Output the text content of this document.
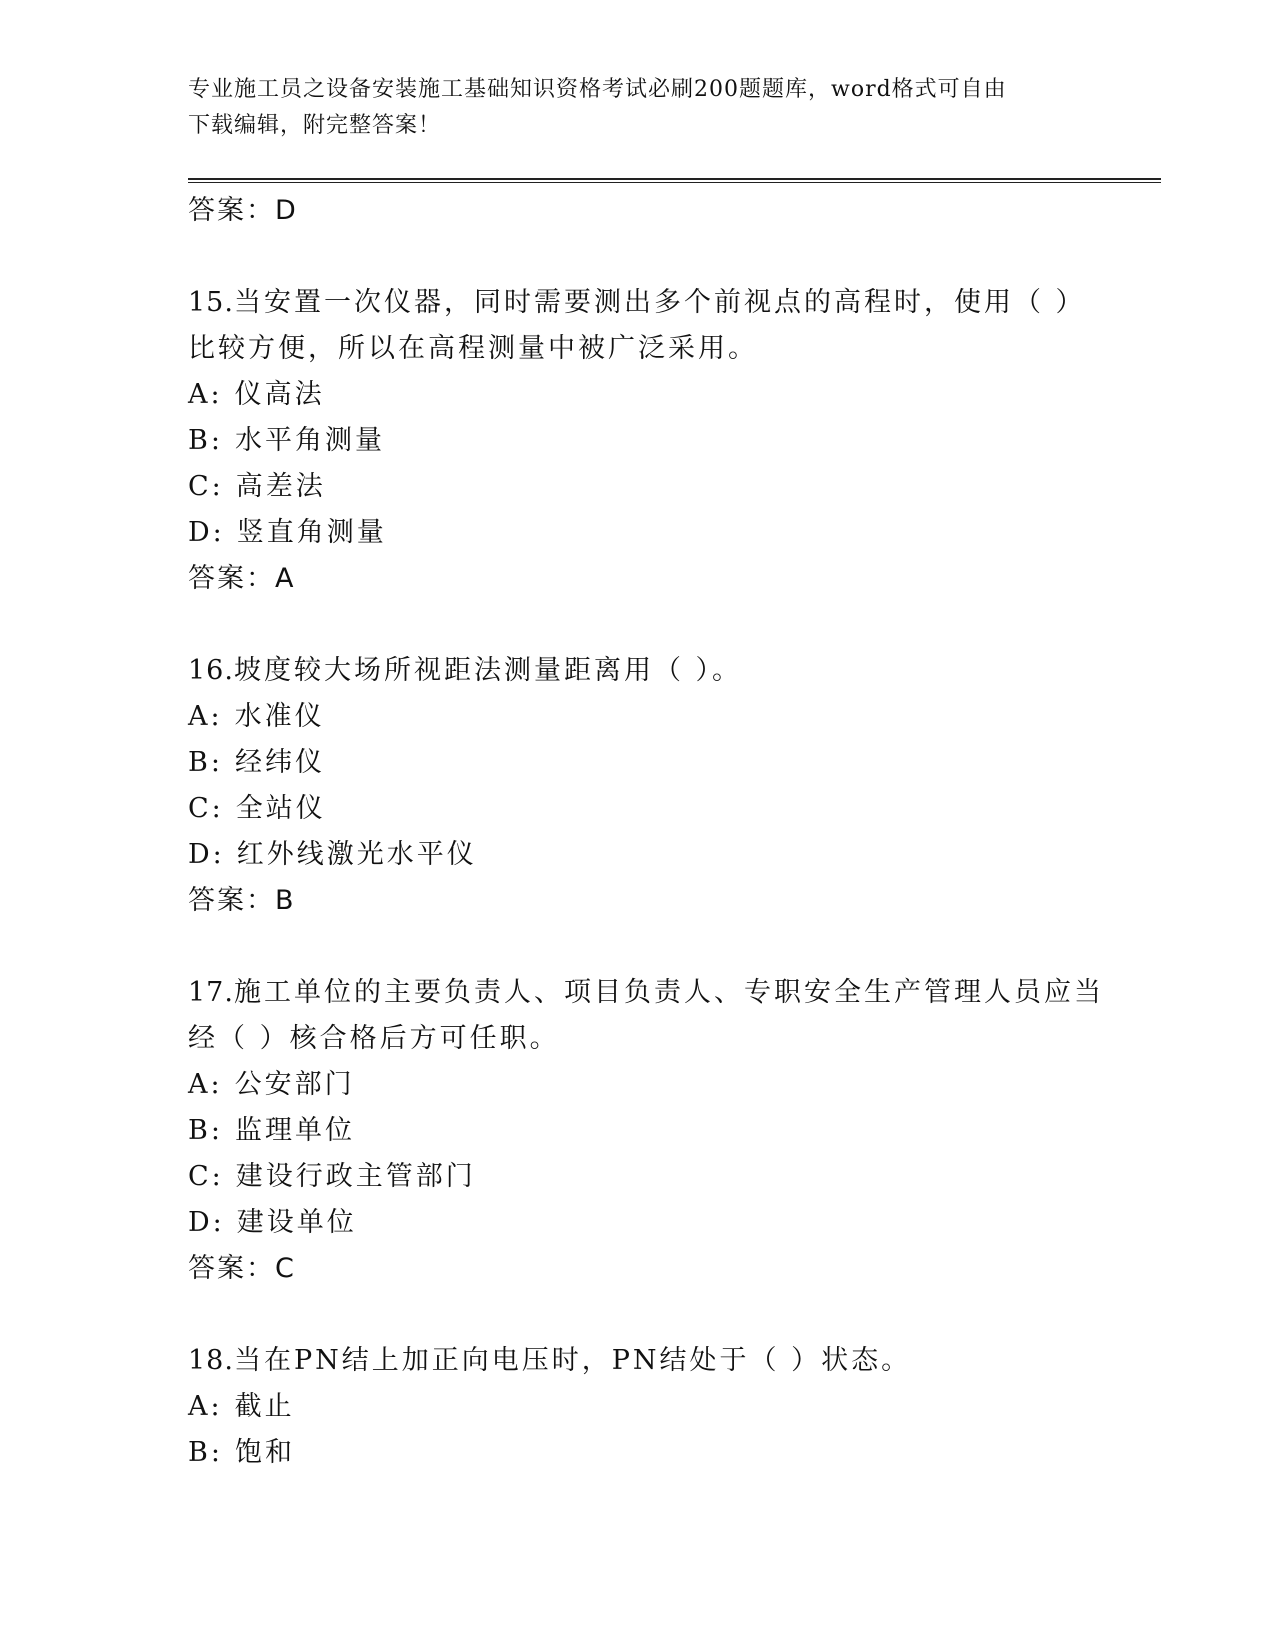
专业施工员之设备安装施工基础知识资格考试必刷200题题库，word格式可自由
下载编辑，附完整答案！
答案：D
15.当安置一次仪器，同时需要测出多个前视点的高程时，使用（ ）
比较方便，所以在高程测量中被广泛采用。
A: 仪高法
B: 水平角测量
C: 高差法
D: 竖直角测量
答案：A
16.坡度较大场所视距法测量距离用（ ）。
A: 水准仪
B: 经纬仪
C: 全站仪
D: 红外线激光水平仪
答案：B
17.施工单位的主要负责人、项目负责人、专职安全生产管理人员应当
经（ ）核合格后方可任职。
A: 公安部门
B: 监理单位
C: 建设行政主管部门
D: 建设单位
答案：C
18.当在PN结上加正向电压时，PN结处于（ ）状态。
A: 截止
B: 饱和
